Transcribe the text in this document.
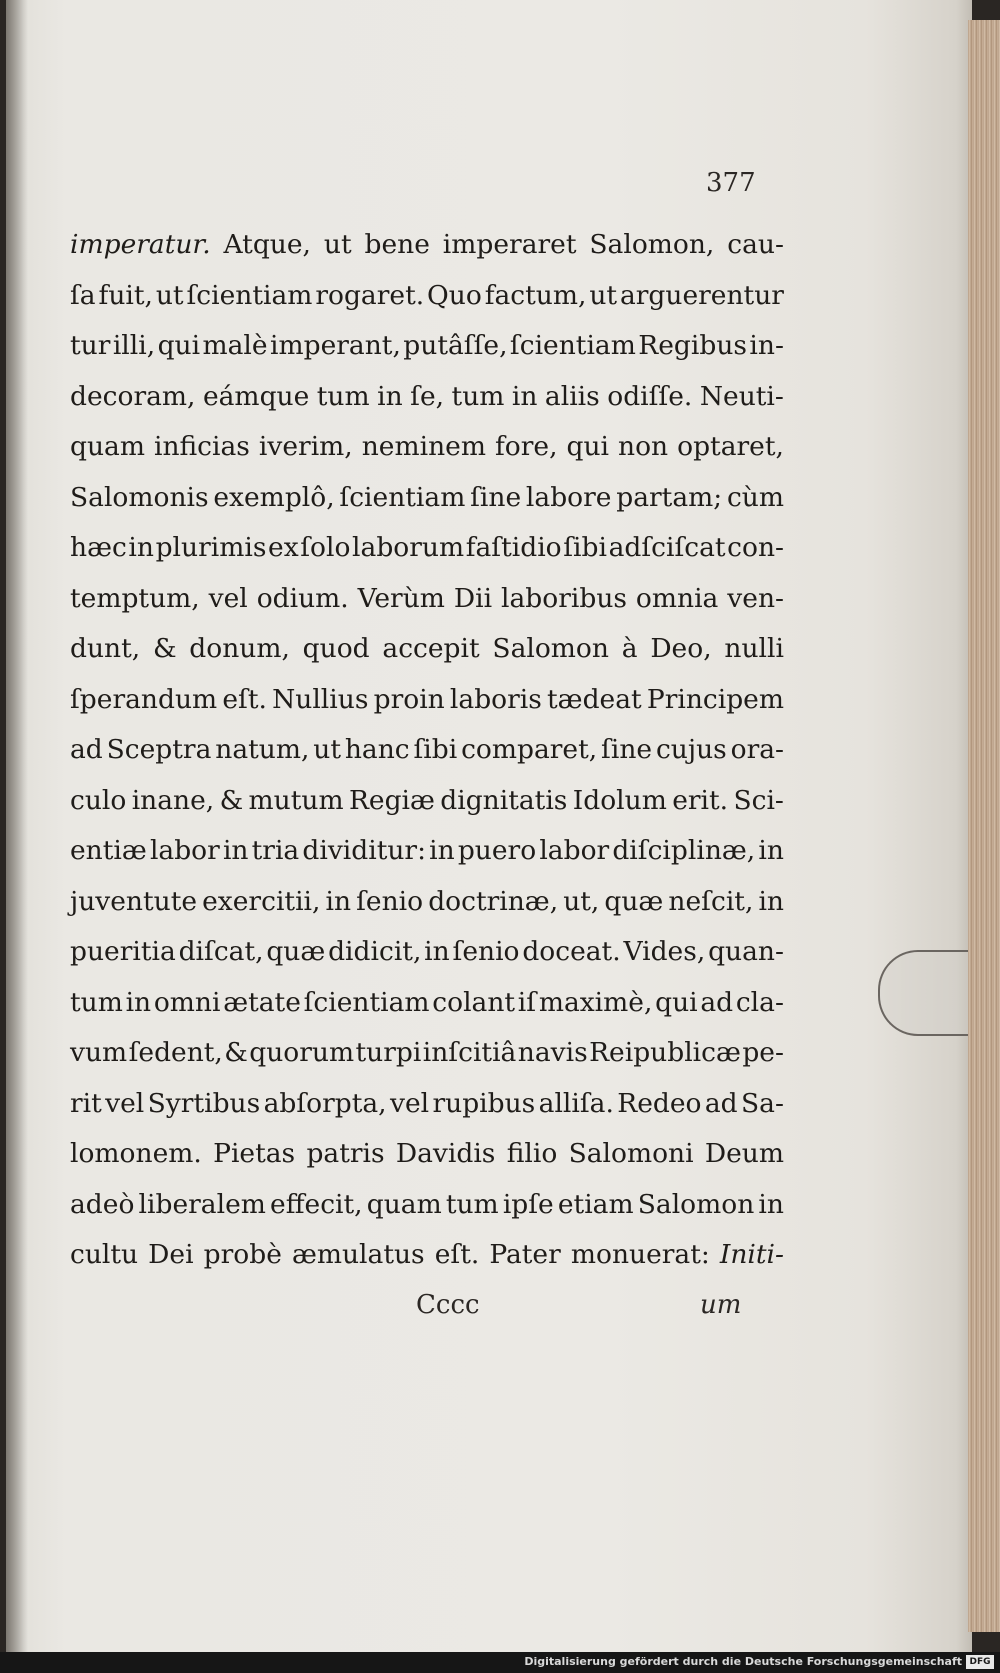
377
imperatur. Atque, ut bene imperaret Salomon, cau-
ſa fuit, ut ſcientiam rogaret. Quo factum, ut arguerentur
tur illi, qui malè imperant, putâſſe, ſcientiam Regibus in-
decoram, eámque tum in ſe, tum in aliis odiſſe. Neuti-
quam inficias iverim, neminem fore, qui non optaret,
Salomonis exemplô, ſcientiam ſine labore partam; cùm
hæc in plurimis ex ſolo laborum faſtidio ſibi adſciſcat con-
temptum, vel odium. Verùm Dii laboribus omnia ven-
dunt, & donum, quod accepit Salomon à Deo, nulli
ſperandum eſt. Nullius proin laboris tædeat Principem
ad Sceptra natum, ut hanc ſibi comparet, ſine cujus ora-
culo inane, & mutum Regiæ dignitatis Idolum erit. Sci-
entiæ labor in tria dividitur: in puero labor diſciplinæ, in
juventute exercitii, in ſenio doctrinæ, ut, quæ neſcit, in
pueritia diſcat, quæ didicit, in ſenio doceat. Vides, quan-
tum in omni ætate ſcientiam colant iſ maximè, qui ad cla-
vum ſedent, & quorum turpi inſcitiâ navis Reipublicæ pe-
rit vel Syrtibus abſorpta, vel rupibus alliſa. Redeo ad Sa-
lomonem. Pietas patris Davidis filio Salomoni Deum
adeò liberalem effecit, quam tum ipſe etiam Salomon in
cultu Dei probè æmulatus eſt. Pater monuerat: Initi-
Cccc	um
Digitalisierung gefördert durch die Deutsche Forschungsgemeinschaft DFG
